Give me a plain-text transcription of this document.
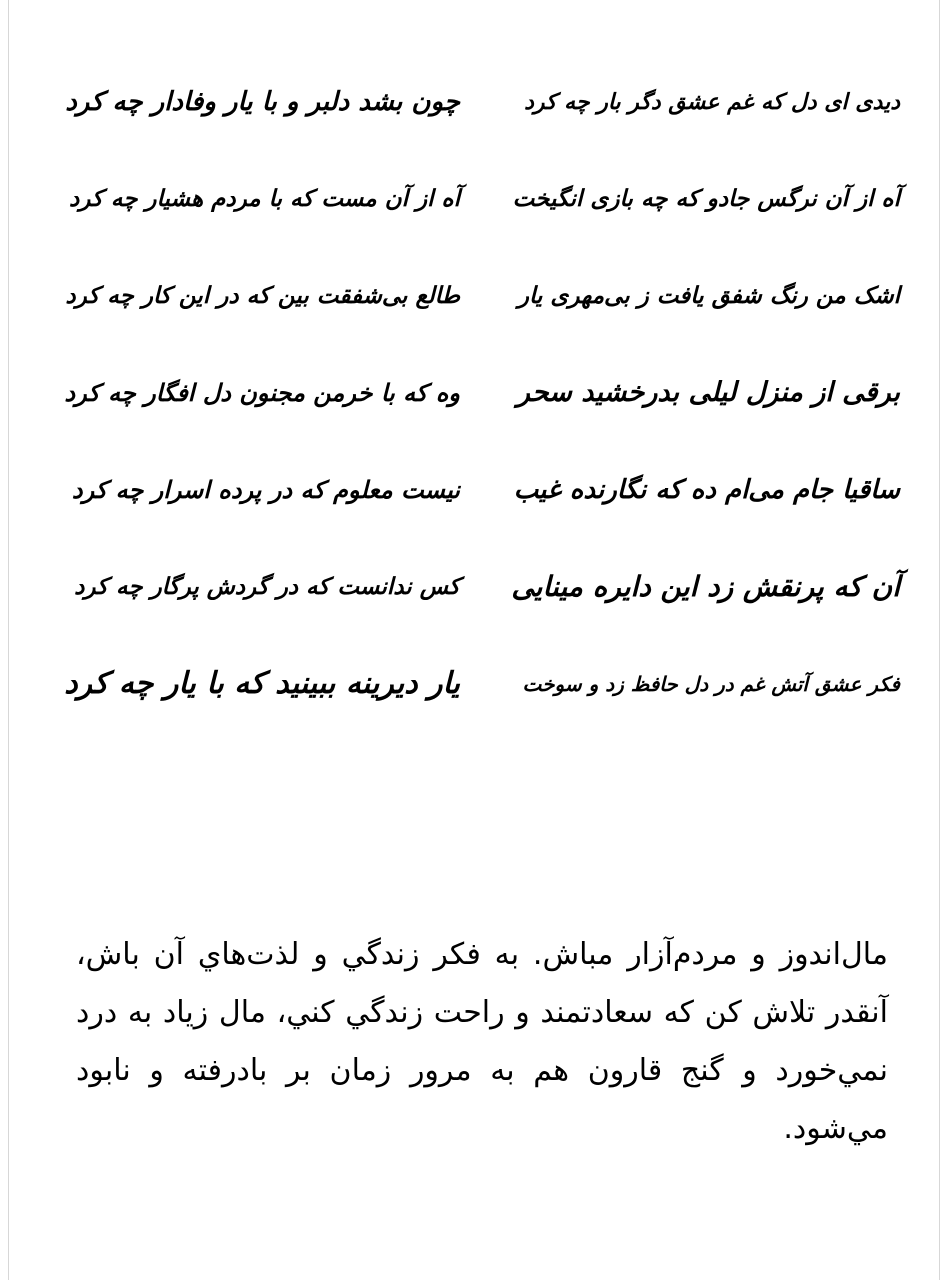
دیدی ای دل که غم عشق دگر بار چه کرد
چون بشد دلبر و با یار وفادار چه کرد
آه از آن نرگس جادو که چه بازی انگیخت
آه از آن مست که با مردم هشیار چه کرد
اشک من رنگ شفق یافت ز بی‌مهری یار
طالع بی‌شفقت بین که در این کار چه کرد
برقی از منزل لیلی بدرخشید سحر
وه که با خرمن مجنون دل افگار چه کرد
ساقیا جام می‌ام ده که نگارنده غیب
نیست معلوم که در پرده اسرار چه کرد
آن که پرنقش زد این دایره مینایی
کس ندانست که در گردش پرگار چه کرد
فکر عشق آتش غم در دل حافظ زد و سوخت
یار دیرینه ببینید که با یار چه کرد
مال‌اندوز و مردم‌آزار مباش. به فکر زندگي و لذت‌هاي آن باش، آنقدر تلاش كن كه سعادتمند و راحت زندگي كني، مال زياد به درد نمي‌خورد و گنج قارون هم به مرور زمان بر بادرفته و نابود مي‌شود.
